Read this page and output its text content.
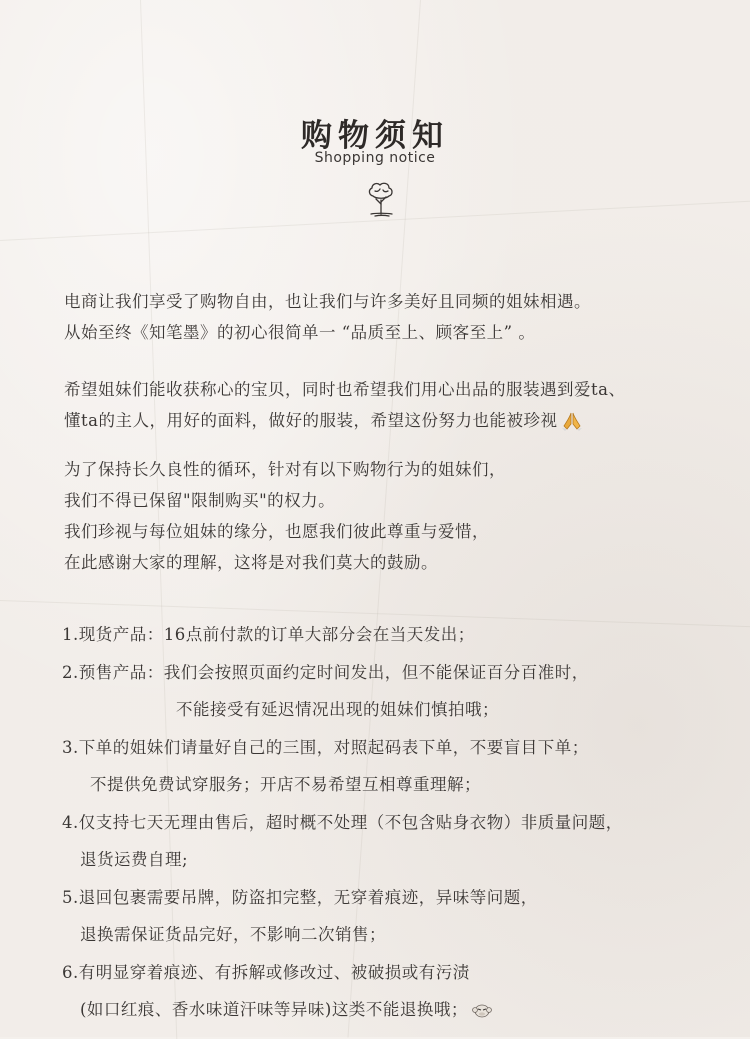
购物须知
Shopping notice
电商让我们享受了购物自由，也让我们与许多美好且同频的姐妹相遇。
从始至终《知笔墨》的初心很简单一 “品质至上、顾客至上” 。
希望姐妹们能收获称心的宝贝，同时也希望我们用心出品的服装遇到爱ta、
懂ta的主人，用好的面料，做好的服装，希望这份努力也能被珍视
为了保持长久良性的循环，针对有以下购物行为的姐妹们，
我们不得已保留"限制购买"的权力。
我们珍视与每位姐妹的缘分，也愿我们彼此尊重与爱惜，
在此感谢大家的理解，这将是对我们莫大的鼓励。
1.现货产品：16点前付款的订单大部分会在当天发出；
2.预售产品：我们会按照页面约定时间发出，但不能保证百分百准时，
不能接受有延迟情况出现的姐妹们慎拍哦；
3.下单的姐妹们请量好自己的三围，对照起码表下单，不要盲目下单；
不提供免费试穿服务；开店不易希望互相尊重理解；
4.仅支持七天无理由售后，超时概不处理（不包含贴身衣物）非质量问题，
退货运费自理;
5.退回包裹需要吊牌，防盗扣完整，无穿着痕迹，异味等问题，
退换需保证货品完好，不影响二次销售；
6.有明显穿着痕迹、有拆解或修改过、被破损或有污渍
(如口红痕、香水味道汗味等异味)这类不能退换哦；
